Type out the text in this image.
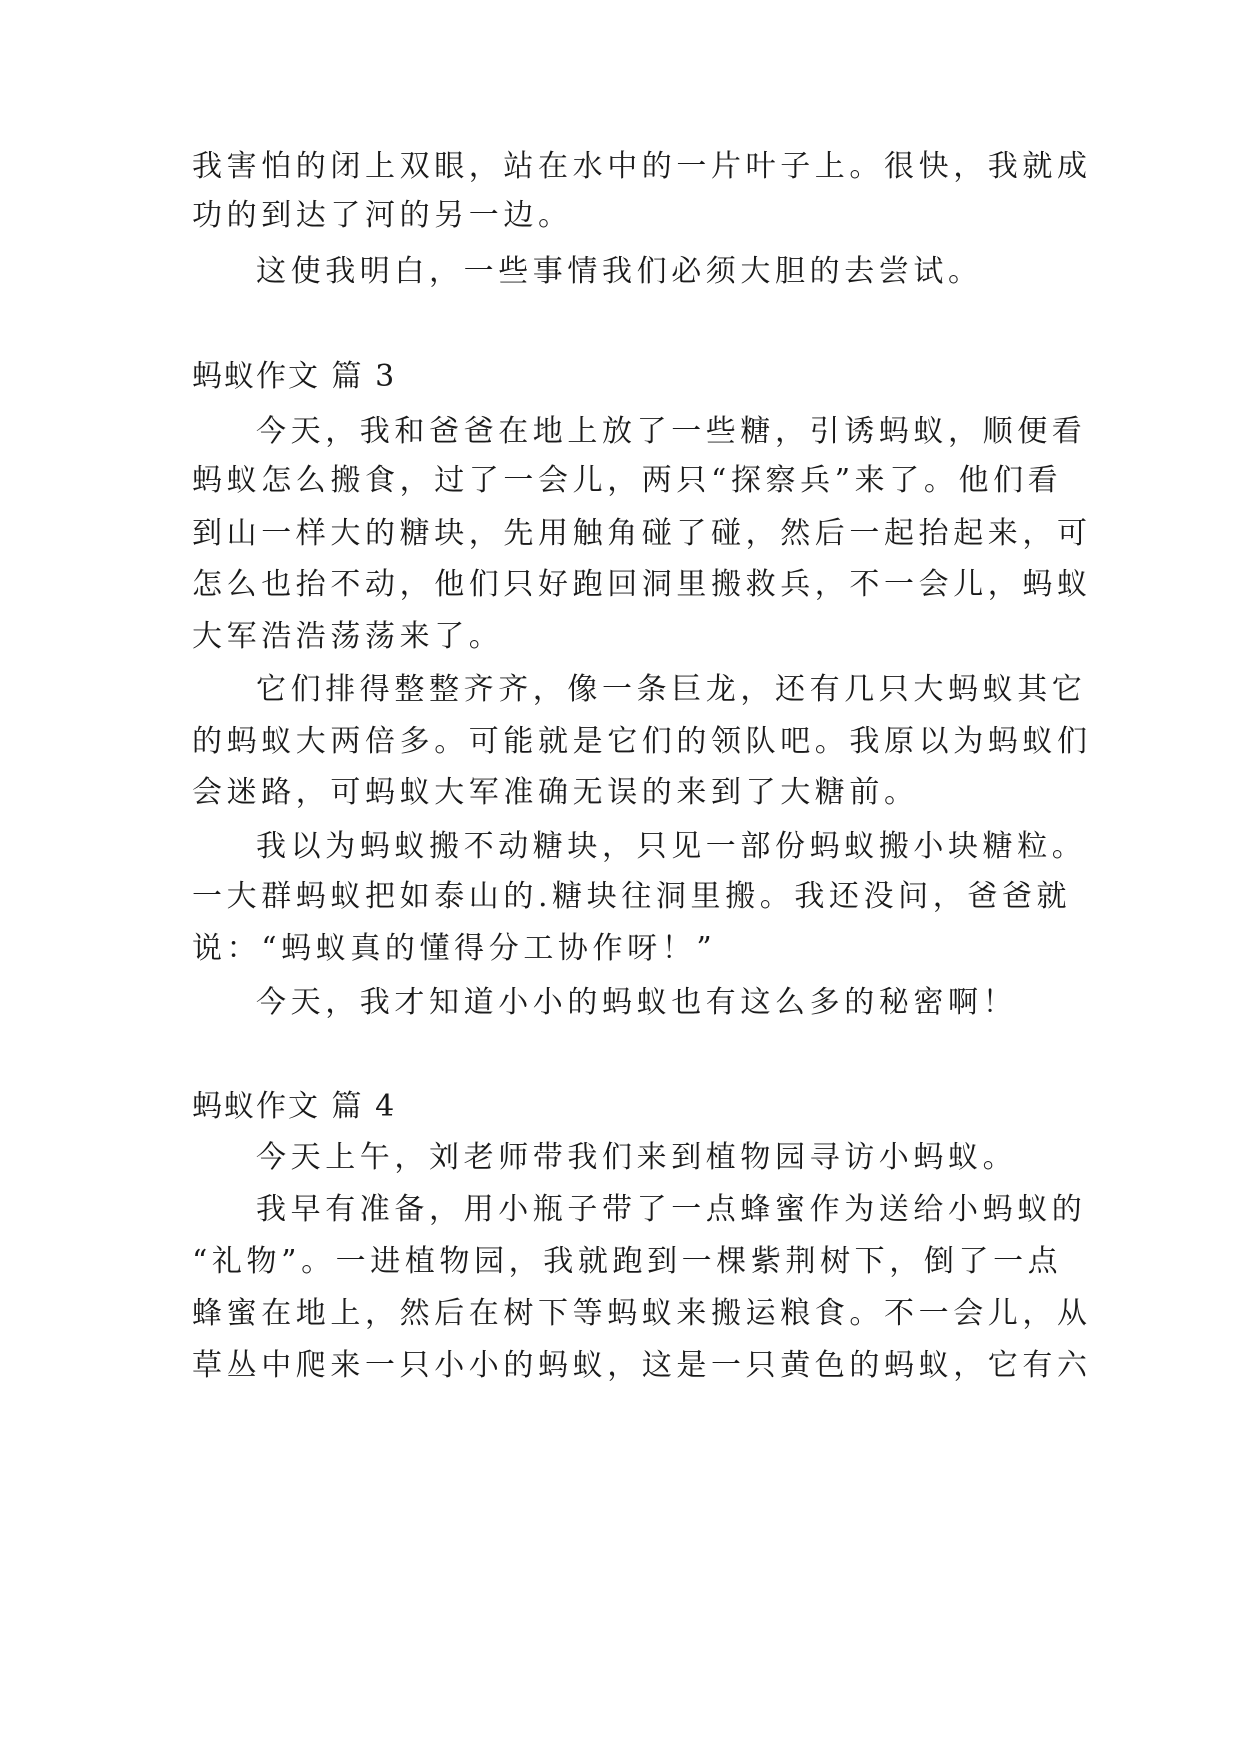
我害怕的闭上双眼，站在水中的一片叶子上。很快，我就成
功的到达了河的另一边。
这使我明白，一些事情我们必须大胆的去尝试。
蚂蚁作文 篇 3
今天，我和爸爸在地上放了一些糖，引诱蚂蚁，顺便看
蚂蚁怎么搬食，过了一会儿，两只“探察兵”来了。他们看
到山一样大的糖块，先用触角碰了碰，然后一起抬起来，可
怎么也抬不动，他们只好跑回洞里搬救兵，不一会儿，蚂蚁
大军浩浩荡荡来了。
它们排得整整齐齐，像一条巨龙，还有几只大蚂蚁其它
的蚂蚁大两倍多。可能就是它们的领队吧。我原以为蚂蚁们
会迷路，可蚂蚁大军准确无误的来到了大糖前。
我以为蚂蚁搬不动糖块，只见一部份蚂蚁搬小块糖粒。
一大群蚂蚁把如泰山的.糖块往洞里搬。我还没问，爸爸就
说：“蚂蚁真的懂得分工协作呀！”
今天，我才知道小小的蚂蚁也有这么多的秘密啊！
蚂蚁作文 篇 4
今天上午，刘老师带我们来到植物园寻访小蚂蚁。
我早有准备，用小瓶子带了一点蜂蜜作为送给小蚂蚁的
“礼物”。一进植物园，我就跑到一棵紫荆树下，倒了一点
蜂蜜在地上，然后在树下等蚂蚁来搬运粮食。不一会儿，从
草丛中爬来一只小小的蚂蚁，这是一只黄色的蚂蚁，它有六
